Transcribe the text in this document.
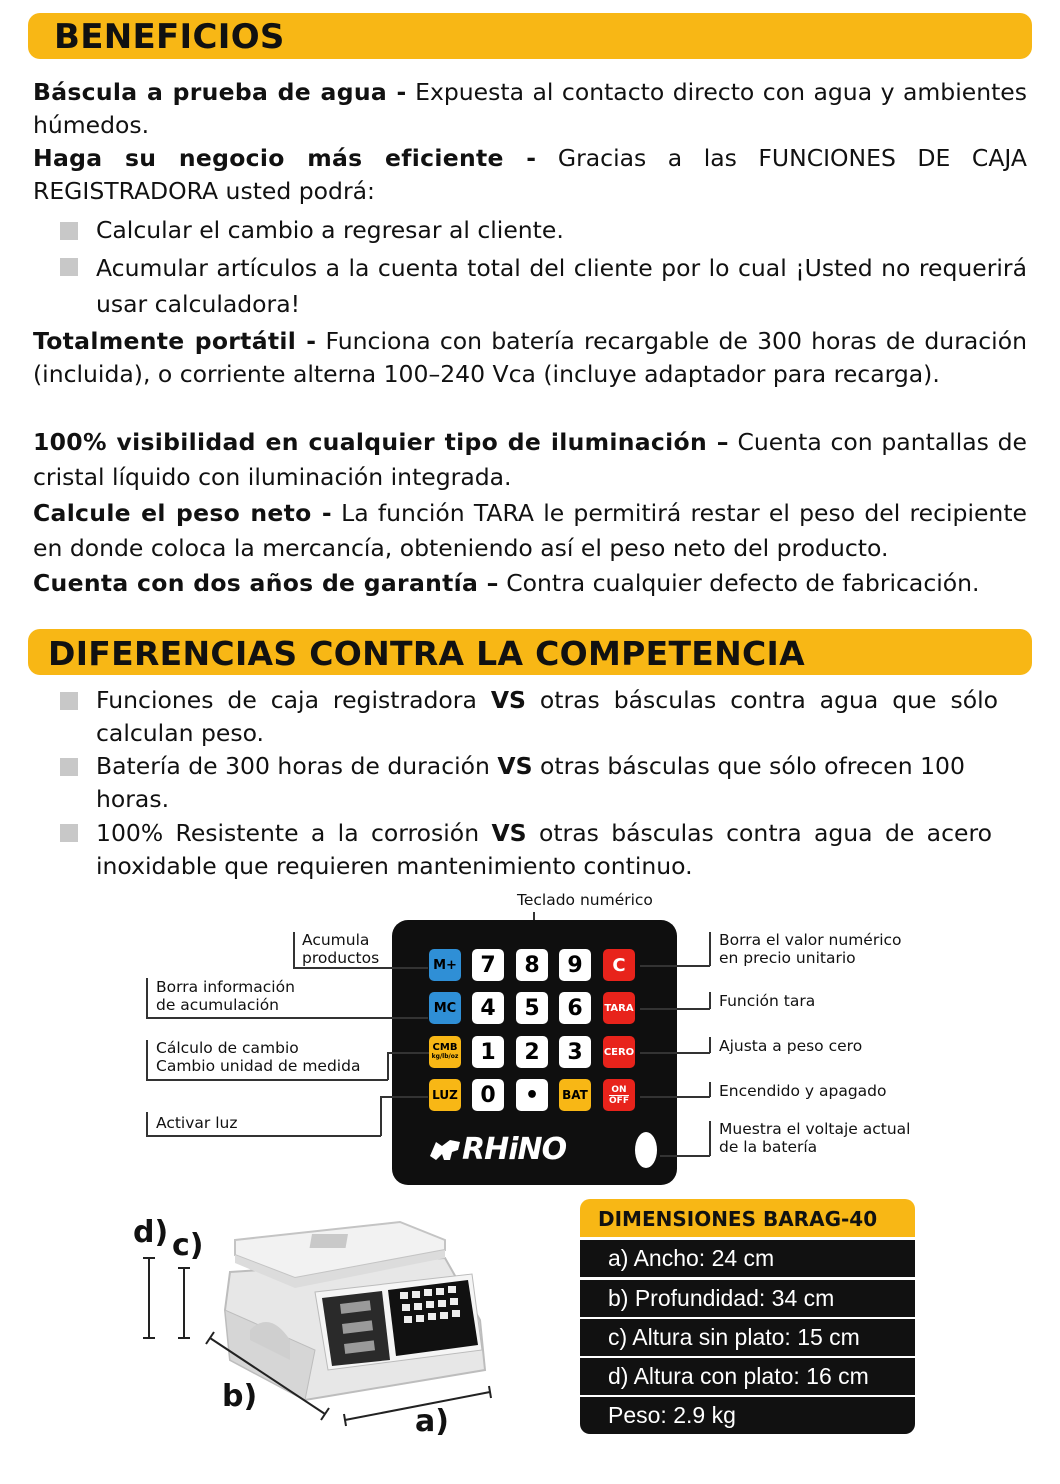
BENEFICIOS
Báscula a prueba de agua - Expuesta al contacto directo con agua y ambientes húmedos.
Haga su negocio más eficiente - Gracias a las FUNCIONES DE CAJA REGISTRADORA usted podrá:
Calcular el cambio a regresar al cliente.
Acumular artículos a la cuenta total del cliente por lo cual ¡Usted no requerirá usar calculadora!
Totalmente portátil - Funciona con batería recargable de 300 horas de duración (incluida), o corriente alterna 100–240 Vca (incluye adaptador para recarga).
100% visibilidad en cualquier tipo de iluminación – Cuenta con pantallas de cristal líquido con iluminación integrada.
Calcule el peso neto - La función TARA le permitirá restar el peso del recipiente en donde coloca la mercancía, obteniendo así el peso neto del producto.
Cuenta con dos años de garantía – Contra cualquier defecto de fabricación.
DIFERENCIAS CONTRA LA COMPETENCIA
Funciones de caja registradora VS otras básculas contra agua que sólo calculan peso.
Batería de 300 horas de duración VS otras básculas que sólo ofrecen 100 horas.
100% Resistente a la corrosión VS otras básculas contra agua de acero inoxidable que requieren mantenimiento continuo.
Teclado numérico
M+
MC
CMB
kg/lb/oz
LUZ
7	8	9
4	5	6
1	2	3
0	•	BAT
C
TARA
CERO
ON
OFF
RHiNO
Acumula
productos
Borra información
de acumulación
Cálculo de cambio
Cambio unidad de medida
Activar luz
Borra el valor numérico
en precio unitario
Función tara
Ajusta a peso cero
Encendido y apagado
Muestra el voltaje actual
de la batería
d) c)
b)
a)
DIMENSIONES BARAG-40
a) Ancho: 24 cm
b) Profundidad: 34 cm
c) Altura sin plato: 15 cm
d) Altura con plato: 16 cm
Peso: 2.9 kg
